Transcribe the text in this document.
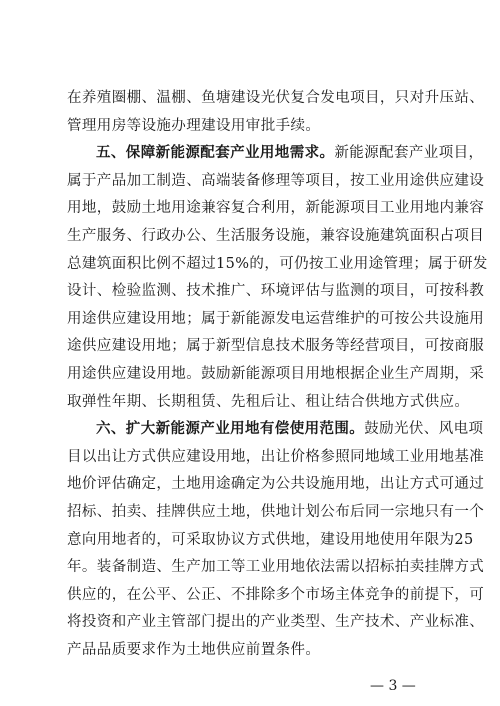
在养殖圈棚、温棚、鱼塘建设光伏复合发电项目，只对升压站、
管理用房等设施办理建设用审批手续。
五、保障新能源配套产业用地需求。新能源配套产业项目，
属于产品加工制造、高端装备修理等项目，按工业用途供应建设
用地，鼓励土地用途兼容复合利用，新能源项目工业用地内兼容
生产服务、行政办公、生活服务设施，兼容设施建筑面积占项目
总建筑面积比例不超过15%的，可仍按工业用途管理；属于研发
设计、检验监测、技术推广、环境评估与监测的项目，可按科教
用途供应建设用地；属于新能源发电运营维护的可按公共设施用
途供应建设用地；属于新型信息技术服务等经营项目，可按商服
用途供应建设用地。鼓励新能源项目用地根据企业生产周期，采
取弹性年期、长期租赁、先租后让、租让结合供地方式供应。
六、扩大新能源产业用地有偿使用范围。鼓励光伏、风电项
目以出让方式供应建设用地，出让价格参照同地域工业用地基准
地价评估确定，土地用途确定为公共设施用地，出让方式可通过
招标、拍卖、挂牌供应土地，供地计划公布后同一宗地只有一个
意向用地者的，可采取协议方式供地，建设用地使用年限为25
年。装备制造、生产加工等工业用地依法需以招标拍卖挂牌方式
供应的，在公平、公正、不排除多个市场主体竞争的前提下，可
将投资和产业主管部门提出的产业类型、生产技术、产业标准、
产品品质要求作为土地供应前置条件。
— 3 —
